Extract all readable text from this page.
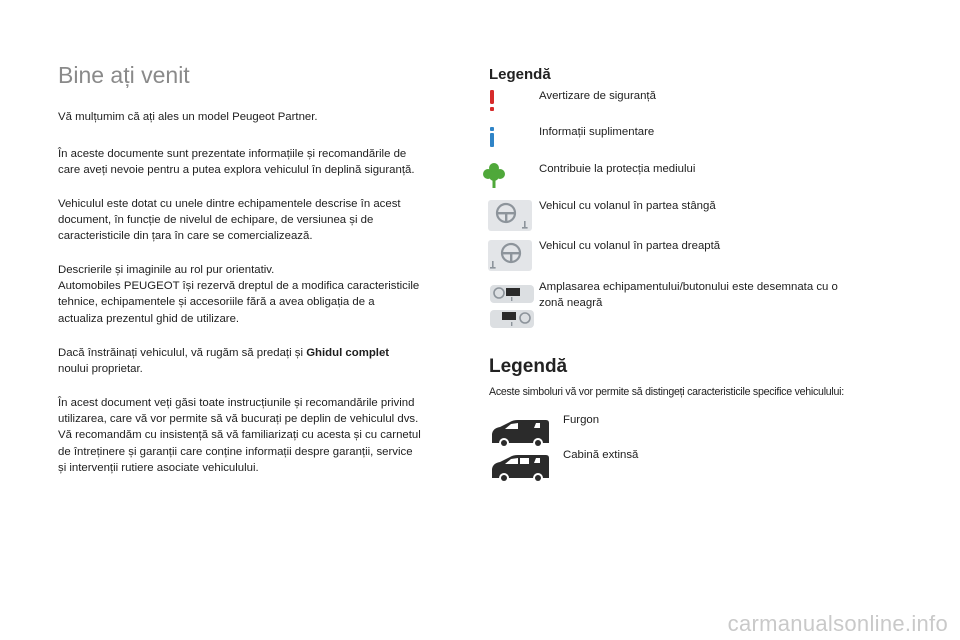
Bine ați venit

Vă mulțumim că ați ales un model Peugeot Partner.

În aceste documente sunt prezentate informațiile și recomandările de
care aveți nevoie pentru a putea explora vehiculul în deplină siguranță.

Vehiculul este dotat cu unele dintre echipamentele descrise în acest
document, în funcție de nivelul de echipare, de versiunea și de
caracteristicile din țara în care se comercializează.

Descrierile și imaginile au rol pur orientativ.
Automobiles PEUGEOT își rezervă dreptul de a modifica caracteristicile
tehnice, echipamentele și accesoriile fără a avea obligația de a
actualiza prezentul ghid de utilizare.

Dacă înstrăinați vehiculul, vă rugăm să predați și Ghidul complet
noului proprietar.

În acest document veți găsi toate instrucțiunile și recomandările privind
utilizarea, care vă vor permite să vă bucurați pe deplin de vehiculul dvs.
Vă recomandăm cu insistență să vă familiarizați cu acesta și cu carnetul
de întreținere și garanții care conține informații despre garanții, service
și intervenții rutiere asociate vehiculului.

Legendă
Avertizare de siguranță
Informații suplimentare
Contribuie la protecția mediului
Vehicul cu volanul în partea stângă
Vehicul cu volanul în partea dreaptă
Amplasarea echipamentului/butonului este desemnata cu o
zonă neagră
Legendă
Aceste simboluri vă vor permite să distingeți caracteristicile specifice vehiculului:
Furgon
Cabină extinsă
carmanualsonline.info
